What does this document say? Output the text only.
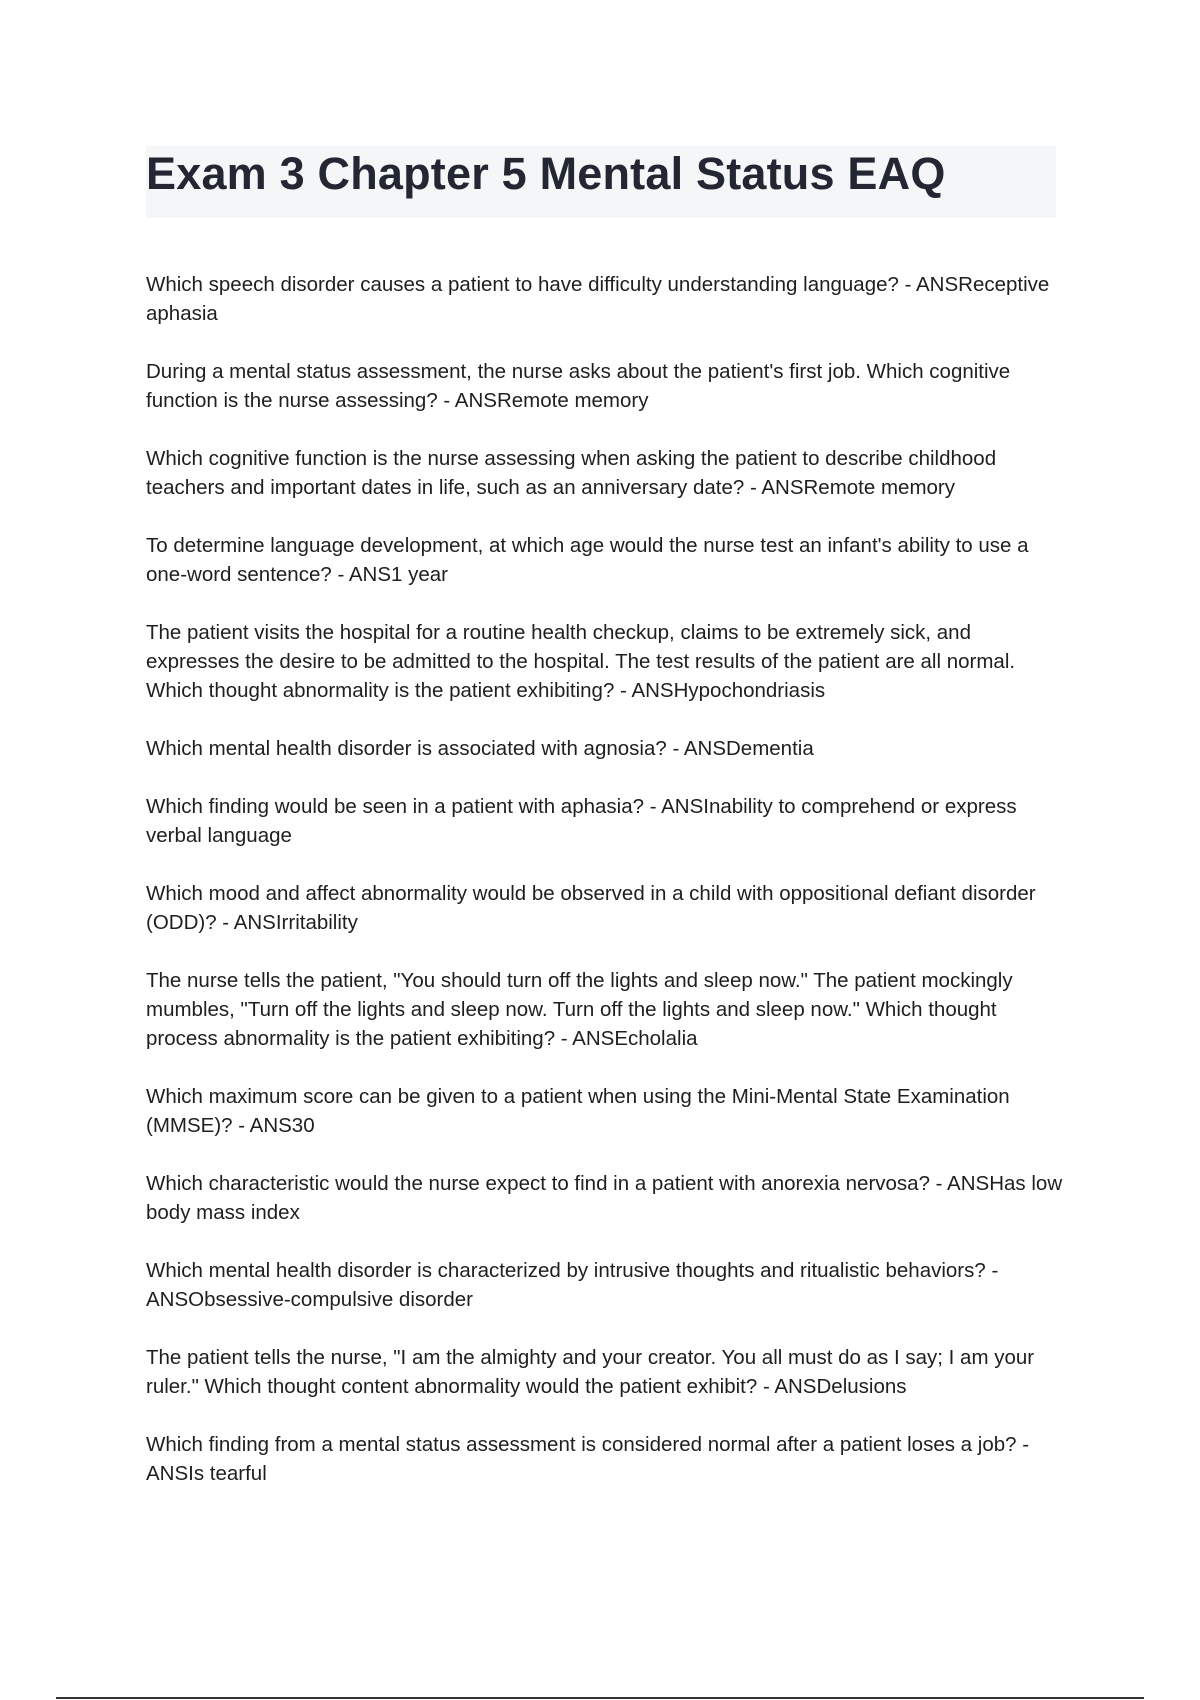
Exam 3 Chapter 5 Mental Status EAQ

Which speech disorder causes a patient to have difficulty understanding language? - ANSReceptive aphasia

During a mental status assessment, the nurse asks about the patient's first job. Which cognitive function is the nurse assessing? - ANSRemote memory

Which cognitive function is the nurse assessing when asking the patient to describe childhood teachers and important dates in life, such as an anniversary date? - ANSRemote memory

To determine language development, at which age would the nurse test an infant's ability to use a one-word sentence? - ANS1 year

The patient visits the hospital for a routine health checkup, claims to be extremely sick, and expresses the desire to be admitted to the hospital. The test results of the patient are all normal. Which thought abnormality is the patient exhibiting? - ANSHypochondriasis

Which mental health disorder is associated with agnosia? - ANSDementia

Which finding would be seen in a patient with aphasia? - ANSInability to comprehend or express verbal language

Which mood and affect abnormality would be observed in a child with oppositional defiant disorder (ODD)? - ANSIrritability

The nurse tells the patient, "You should turn off the lights and sleep now." The patient mockingly mumbles, "Turn off the lights and sleep now. Turn off the lights and sleep now." Which thought process abnormality is the patient exhibiting? - ANSEcholalia

Which maximum score can be given to a patient when using the Mini-Mental State Examination (MMSE)? - ANS30

Which characteristic would the nurse expect to find in a patient with anorexia nervosa? - ANSHas low body mass index

Which mental health disorder is characterized by intrusive thoughts and ritualistic behaviors? - ANSObsessive-compulsive disorder

The patient tells the nurse, "I am the almighty and your creator. You all must do as I say; I am your ruler." Which thought content abnormality would the patient exhibit? - ANSDelusions

Which finding from a mental status assessment is considered normal after a patient loses a job? - ANSIs tearful
